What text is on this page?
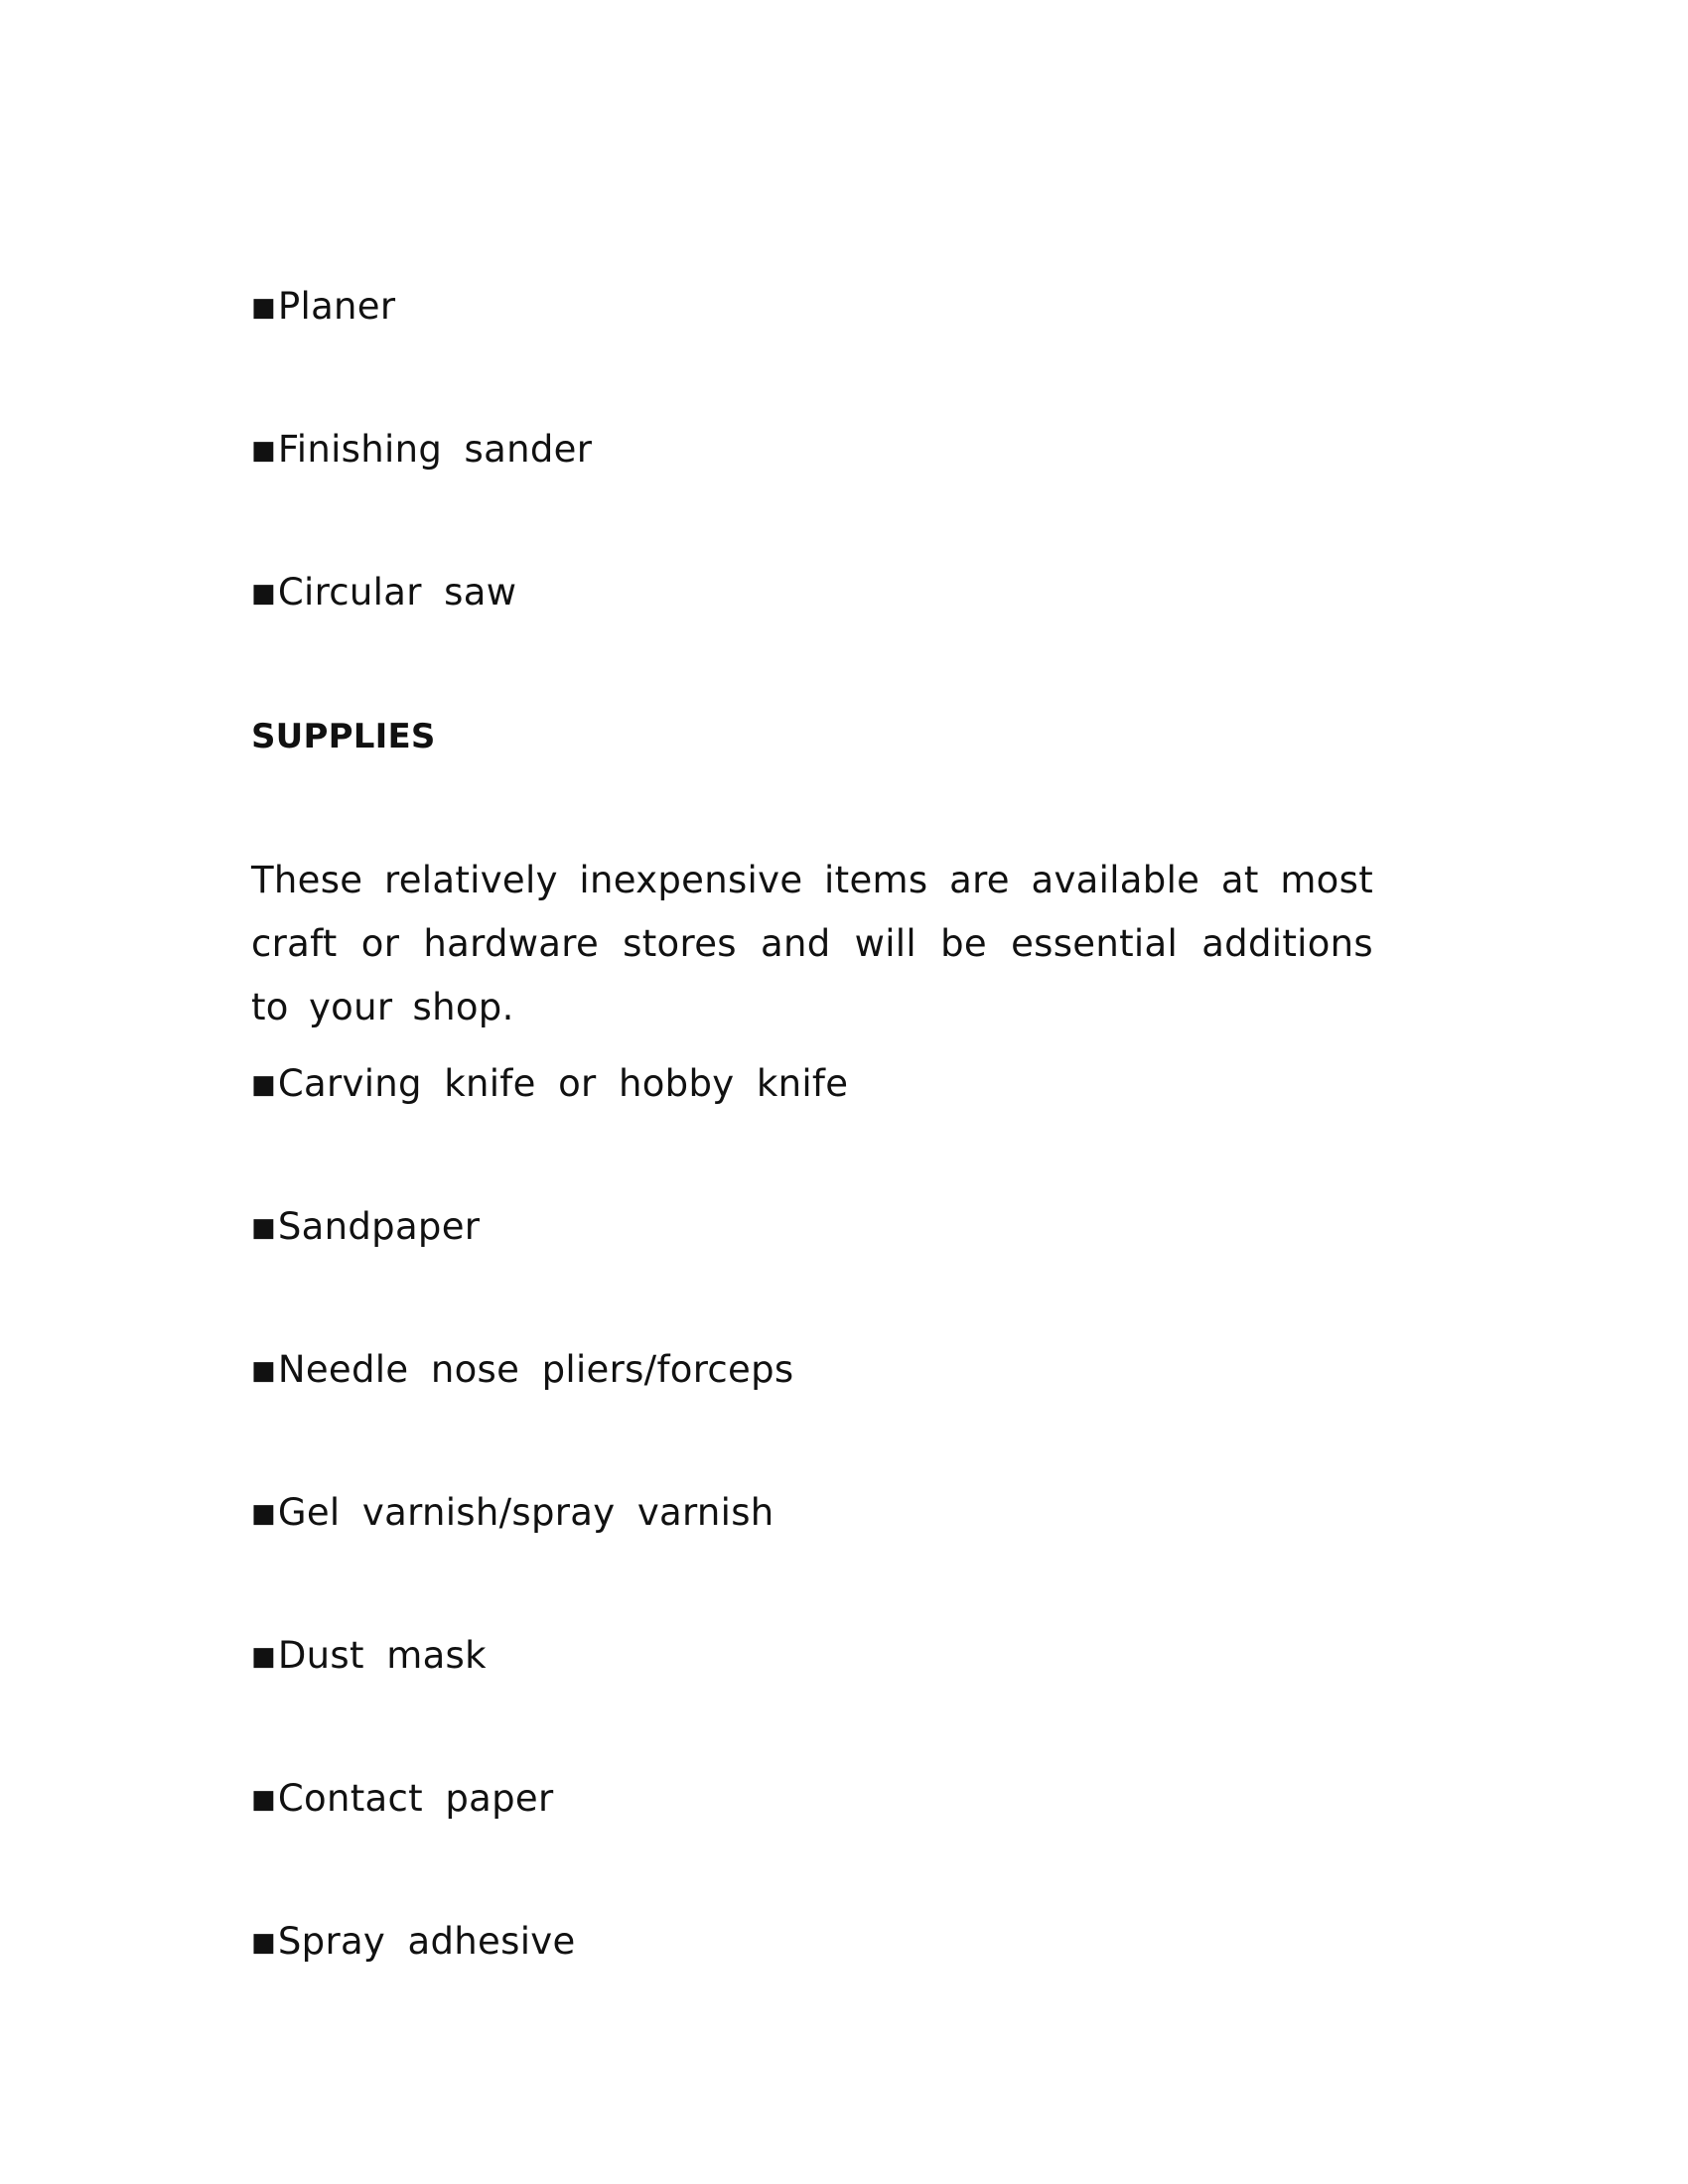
■Planer
■Finishing sander
■Circular saw
SUPPLIES
These relatively inexpensive items are available at most craft or hardware stores and will be essential additions to your shop.
■Carving knife or hobby knife
■Sandpaper
■Needle nose pliers/forceps
■Gel varnish/spray varnish
■Dust mask
■Contact paper
■Spray adhesive
